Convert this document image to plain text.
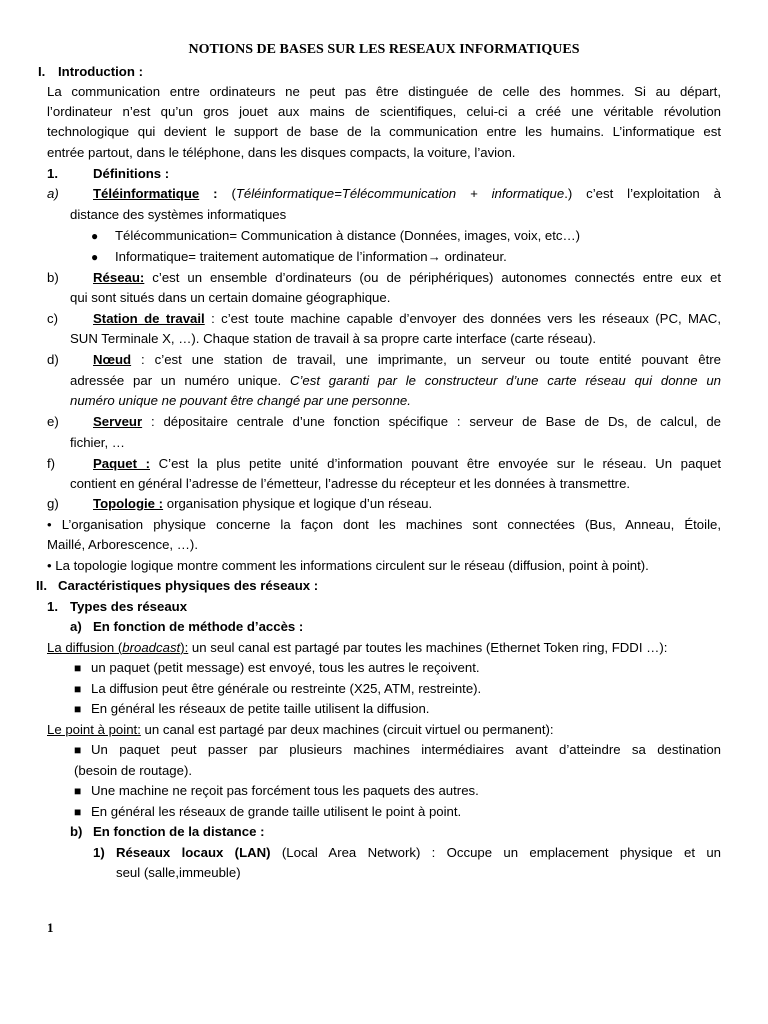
NOTIONS DE BASES SUR LES RESEAUX INFORMATIQUES
I. Introduction :
La communication entre ordinateurs ne peut pas être distinguée de celle des hommes. Si au départ,
l’ordinateur n’est qu’un gros jouet aux mains de scientifiques, celui-ci a créé une véritable révolution
technologique qui devient le support de base de la communication entre les humains. L’informatique est
entrée partout, dans le téléphone, dans les disques compacts, la voiture, l’avion.
1.	Définitions :
a)	Téléinformatique : (Téléinformatique=Télécommunication + informatique.) c’est l’exploitation à
distance des systèmes informatiques
● Télécommunication= Communication à distance (Données, images, voix, etc…)
● Informatique= traitement automatique de l’information→ ordinateur.
b)	Réseau: c’est un ensemble d’ordinateurs (ou de périphériques) autonomes connectés entre eux et
qui sont situés dans un certain domaine géographique.
c)	Station de travail : c’est toute machine capable d’envoyer des données vers les réseaux (PC, MAC,
SUN Terminale X, …). Chaque station de travail à sa propre carte interface (carte réseau).
d)	Nœud : c’est une station de travail, une imprimante, un serveur ou toute entité pouvant être
adressée par un numéro unique. C’est garanti par le constructeur d’une carte réseau qui donne un
numéro unique ne pouvant être changé par une personne.
e)	Serveur : dépositaire centrale d’une fonction spécifique : serveur de Base de Ds, de calcul, de
fichier, …
f)	Paquet : C’est la plus petite unité d’information pouvant être envoyée sur le réseau. Un paquet
contient en général l’adresse de l’émetteur, l’adresse du récepteur et les données à transmettre.
g)	Topologie : organisation physique et logique d’un réseau.
• L’organisation physique concerne la façon dont les machines sont connectées (Bus, Anneau, Étoile,
Maillé, Arborescence, …).
• La topologie logique montre comment les informations circulent sur le réseau (diffusion, point à point).
II. Caractéristiques physiques des réseaux :
1. Types des réseaux
a) En fonction de méthode d’accès :
La diffusion (broadcast): un seul canal est partagé par toutes les machines (Ethernet Token ring, FDDI …):
■ un paquet (petit message) est envoyé, tous les autres le reçoivent.
■ La diffusion peut être générale ou restreinte (X25, ATM, restreinte).
■ En général les réseaux de petite taille utilisent la diffusion.
Le point à point: un canal est partagé par deux machines (circuit virtuel ou permanent):
■ Un paquet peut passer par plusieurs machines intermédiaires avant d’atteindre sa destination
(besoin de routage).
■ Une machine ne reçoit pas forcément tous les paquets des autres.
■ En général les réseaux de grande taille utilisent le point à point.
b) En fonction de la distance :
1) Réseaux locaux (LAN) (Local Area Network) : Occupe un emplacement physique et un
seul (salle,immeuble)
1
